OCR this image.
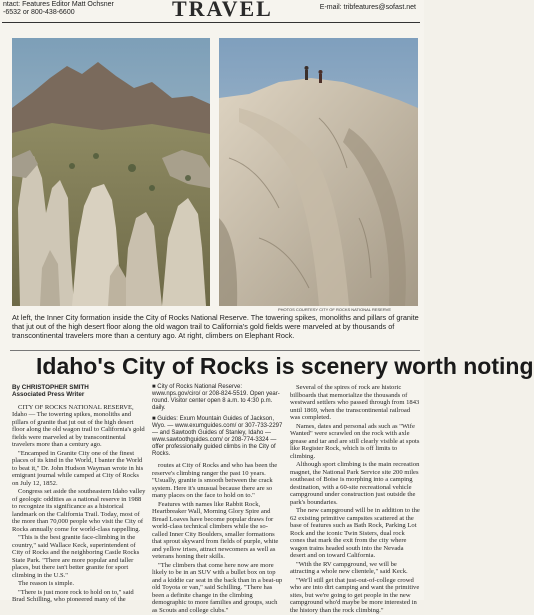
ntact: Features Editor Matt Ochsner
-6532 or 800-438-6600	TRAVEL	E-mail: tribfeatures@sofast.net
PHOTOS COURTESY CITY OF ROCKS NATIONAL RESERVE
At left, the Inner City formation inside the City of Rocks National Reserve. The towering spikes, monoliths and pillars of granite that jut out of the high desert floor along the old wagon trail to California's gold fields were marveled at by thousands of transcontinental travelers more than a century ago. At right, climbers on Elephant Rock.
Idaho's City of Rocks is scenery worth noting
By CHRISTOPHER SMITH
Associated Press Writer

CITY OF ROCKS NATIONAL RESERVE, Idaho — The towering spikes, monoliths and pillars of granite that jut out of the high desert floor along the old wagon trail to California's gold fields were marveled at by transcontinental travelers more than a century ago.

"Encamped in Granite City one of the finest places of its kind in the World, I banter the World to beat it," Dr. John Hudson Wayman wrote in his emigrant journal while camped at City of Rocks on July 12, 1852.

Congress set aside the southeastern Idaho valley of geologic oddities as a national reserve in 1988 to recognize its significance as a historical landmark on the California Trail. Today, most of the more than 70,000 people who visit the City of Rocks annually come for world-class rappelling.

"This is the best granite face-climbing in the country," said Wallace Keck, superintendent of City of Rocks and the neighboring Castle Rocks State Park. "There are more popular and taller places, but there isn't better granite for sport climbing in the U.S."

The reason is simple.

"There is just more rock to hold on to," said Brad Schilling, who pioneered many of the

■ City of Rocks National Reserve: www.nps.gov/ciro/ or 208-824-5519. Open year-round. Visitor center open 8 a.m. to 4:30 p.m. daily.
■ Guides: Exum Mountain Guides of Jackson, Wyo. — www.exumguides.com/ or 307-733-2297 — and Sawtooth Guides of Stanley, Idaho — www.sawtoothguides.com/ or 208-774-3324 — offer professionally guided climbs in the City of Rocks.

routes at City of Rocks and who has been the reserve's climbing ranger the past 10 years. "Usually, granite is smooth between the crack system. Here it's unusual because there are so many places on the face to hold on to."

Features with names like Rabbit Rock, Heartbreaker Wall, Morning Glory Spire and Bread Loaves have become popular draws for world-class technical climbers while the so-called Inner City Boulders, smaller formations that sprout skyward from fields of purple, white and yellow irises, attract newcomers as well as veterans honing their skills.

"The climbers that come here now are more likely to be in an SUV with a bullet box on top and a kiddie car seat in the back than in a beat-up old Toyota or van," said Schilling. "There has been a definite change in the climbing demographic to more families and groups, such as Scouts and college clubs."

Several of the spires of rock are historic billboards that memorialize the thousands of westward settlers who passed through from 1843 until 1869, when the transcontinental railroad was completed.

Names, dates and personal ads such as "Wife Wanted" were scrawled on the rock with axle grease and tar and are still clearly visible at spots like Register Rock, which is off limits to climbing.

Although sport climbing is the main recreation magnet, the National Park Service site 200 miles southeast of Boise is morphing into a camping destination, with a 60-site recreational vehicle campground under construction just outside the park's boundaries.

The new campground will be in addition to the 62 existing primitive campsites scattered at the base of features such as Bath Rock, Parking Lot Rock and the iconic Twin Sisters, dual rock cones that mark the exit from the city where wagon trains headed south into the Nevada desert and on toward California.

"With the RV campground, we will be attracting a whole new clientele," said Keck.

"We'll still get that just-out-of-college crowd who are into dirt camping and want the primitive sites, but we're going to get people in the new campground who'd maybe be more interested in the history than the rock climbing."
